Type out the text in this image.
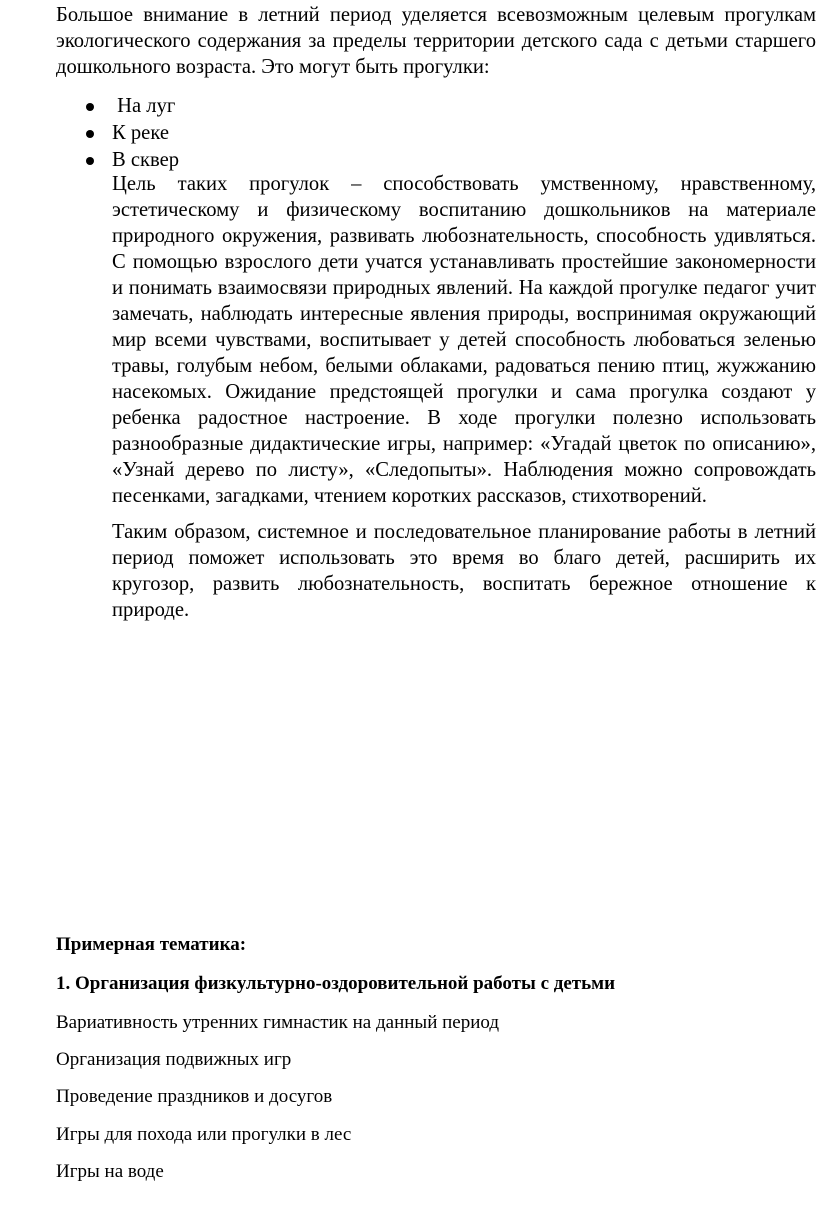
Большое внимание в летний период уделяется всевозможным целевым прогулкам экологического содержания за пределы территории детского сада с детьми старшего дошкольного возраста. Это могут быть прогулки:

На луг
К реке
В сквер

Цель таких прогулок – способствовать умственному, нравственному, эстетическому и физическому воспитанию дошкольников на материале природного окружения, развивать любознательность, способность удивляться. С помощью взрослого дети учатся устанавливать простейшие закономерности и понимать взаимосвязи природных явлений. На каждой прогулке педагог учит замечать, наблюдать интересные явления природы, воспринимая окружающий мир всеми чувствами, воспитывает у детей способность любоваться зеленью травы, голубым небом, белыми облаками, радоваться пению птиц, жужжанию насекомых. Ожидание предстоящей прогулки и сама прогулка создают у ребенка радостное настроение. В ходе прогулки полезно использовать разнообразные дидактические игры, например: «Угадай цветок по описанию», «Узнай дерево по листу», «Следопыты». Наблюдения можно сопровождать песенками, загадками, чтением коротких рассказов, стихотворений.

Таким образом, системное и последовательное планирование работы в летний период поможет использовать это время во благо детей, расширить их кругозор, развить любознательность, воспитать бережное отношение к природе.

Примерная тематика:

1. Организация физкультурно-оздоровительной работы с детьми

Вариативность утренних гимнастик на данный период

Организация подвижных игр

Проведение праздников и досугов

Игры для похода или прогулки в лес

Игры на воде
